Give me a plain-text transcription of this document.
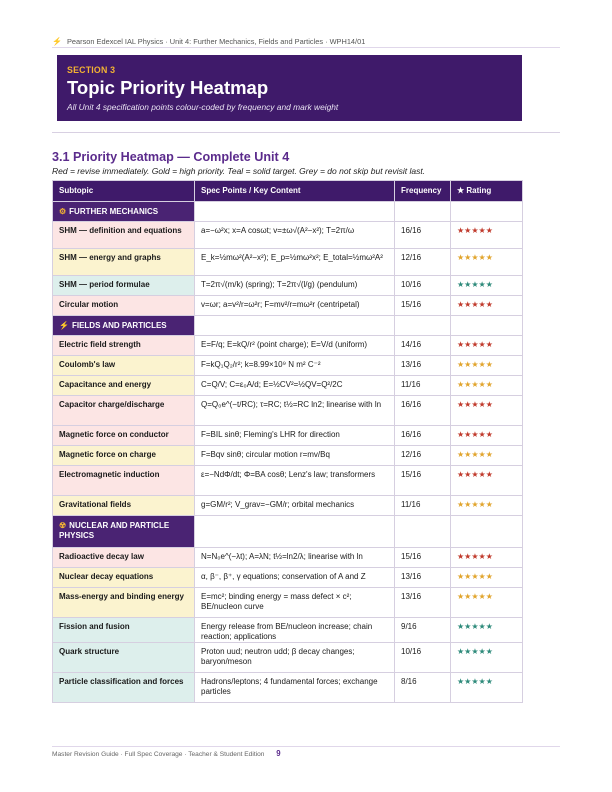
⚡ Pearson Edexcel IAL Physics · Unit 4: Further Mechanics, Fields and Particles · WPH14/01
SECTION 3
Topic Priority Heatmap
All Unit 4 specification points colour-coded by frequency and mark weight
3.1 Priority Heatmap — Complete Unit 4
Red = revise immediately. Gold = high priority. Teal = solid target. Grey = do not skip but revisit last.
Subtopic	Spec Points / Key Content	Frequency	★ Rating
⚙ FURTHER MECHANICS			
SHM — definition and equations	a=−ω²x; x=A cosωt; v=±ω√(A²−x²); T=2π/ω	16/16	★★★★★
SHM — energy and graphs	E_k=½mω²(A²−x²); E_p=½mω²x²; E_total=½mω²A²	12/16	★★★★★
SHM — period formulae	T=2π√(m/k) (spring); T=2π√(l/g) (pendulum)	10/16	★★★★★
Circular motion	v=ωr; a=v²/r=ω²r; F=mv²/r=mω²r (centripetal)	15/16	★★★★★
⚡ FIELDS AND PARTICLES			
Electric field strength	E=F/q; E=kQ/r² (point charge); E=V/d (uniform)	14/16	★★★★★
Coulomb's law	F=kQ₁Q₂/r²; k=8.99×10⁹ N m² C⁻²	13/16	★★★★★
Capacitance and energy	C=Q/V; C=ε₀A/d; E=½CV²=½QV=Q²/2C	11/16	★★★★★
Capacitor charge/discharge	Q=Q₀e^(−t/RC); τ=RC; t½=RC ln2; linearise with ln	16/16	★★★★★
Magnetic force on conductor	F=BIL sinθ; Fleming's LHR for direction	16/16	★★★★★
Magnetic force on charge	F=Bqv sinθ; circular motion r=mv/Bq	12/16	★★★★★
Electromagnetic induction	ε=−NdΦ/dt; Φ=BA cosθ; Lenz's law; transformers	15/16	★★★★★
Gravitational fields	g=GM/r²; V_grav=−GM/r; orbital mechanics	11/16	★★★★★
☢ NUCLEAR AND PARTICLE PHYSICS			
Radioactive decay law	N=N₀e^(−λt); A=λN; t½=ln2/λ; linearise with ln	15/16	★★★★★
Nuclear decay equations	α, β⁻, β⁺, γ equations; conservation of A and Z	13/16	★★★★★
Mass-energy and binding energy	E=mc²; binding energy = mass defect × c²; BE/nucleon curve	13/16	★★★★★
Fission and fusion	Energy release from BE/nucleon increase; chain reaction; applications	9/16	★★★★★
Quark structure	Proton uud; neutron udd; β decay changes; baryon/meson	10/16	★★★★★
Particle classification and forces	Hadrons/leptons; 4 fundamental forces; exchange particles	8/16	★★★★★
Master Revision Guide · Full Spec Coverage · Teacher & Student Edition 9
